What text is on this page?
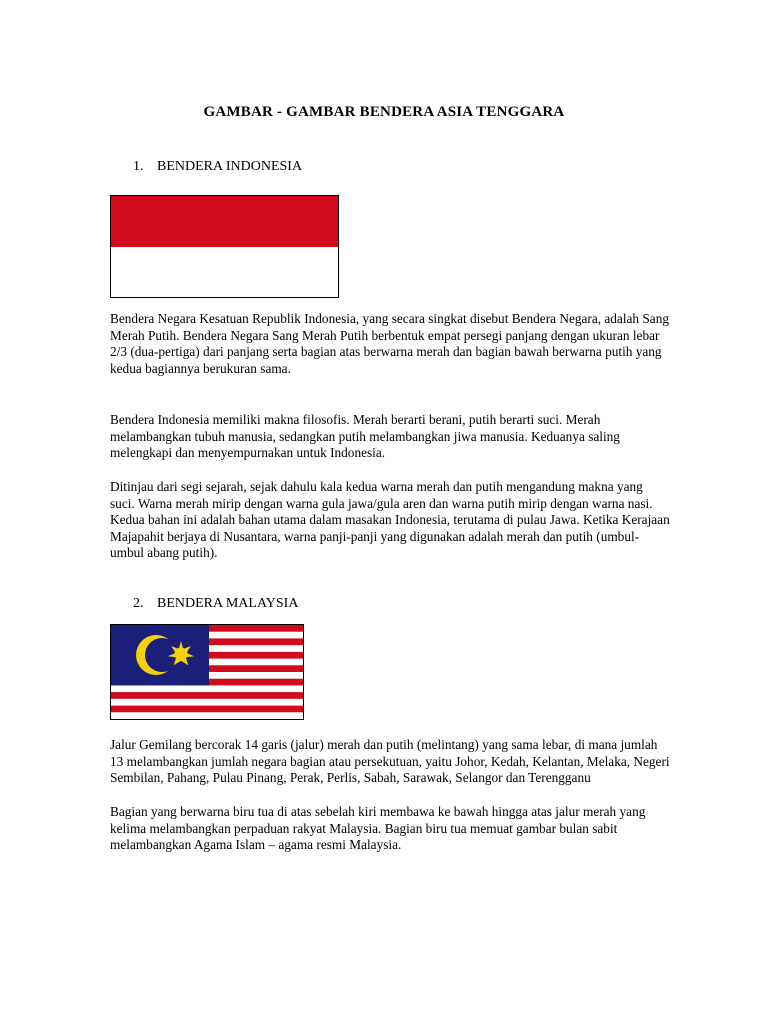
GAMBAR - GAMBAR BENDERA ASIA TENGGARA
1. BENDERA INDONESIA

Bendera Negara Kesatuan Republik Indonesia, yang secara singkat disebut Bendera Negara, adalah Sang Merah Putih. Bendera Negara Sang Merah Putih berbentuk empat persegi panjang dengan ukuran lebar 2/3 (dua-pertiga) dari panjang serta bagian atas berwarna merah dan bagian bawah berwarna putih yang kedua bagiannya berukuran sama.

Bendera Indonesia memiliki makna filosofis. Merah berarti berani, putih berarti suci. Merah melambangkan tubuh manusia, sedangkan putih melambangkan jiwa manusia. Keduanya saling melengkapi dan menyempurnakan untuk Indonesia.

Ditinjau dari segi sejarah, sejak dahulu kala kedua warna merah dan putih mengandung makna yang suci. Warna merah mirip dengan warna gula jawa/gula aren dan warna putih mirip dengan warna nasi. Kedua bahan ini adalah bahan utama dalam masakan Indonesia, terutama di pulau Jawa. Ketika Kerajaan Majapahit berjaya di Nusantara, warna panji-panji yang digunakan adalah merah dan putih (umbul-umbul abang putih).

2. BENDERA MALAYSIA

Jalur Gemilang bercorak 14 garis (jalur) merah dan putih (melintang) yang sama lebar, di mana jumlah 13 melambangkan jumlah negara bagian atau persekutuan, yaitu Johor, Kedah, Kelantan, Melaka, Negeri Sembilan, Pahang, Pulau Pinang, Perak, Perlis, Sabah, Sarawak, Selangor dan Terengganu

Bagian yang berwarna biru tua di atas sebelah kiri membawa ke bawah hingga atas jalur merah yang kelima melambangkan perpaduan rakyat Malaysia. Bagian biru tua memuat gambar bulan sabit melambangkan Agama Islam – agama resmi Malaysia.
